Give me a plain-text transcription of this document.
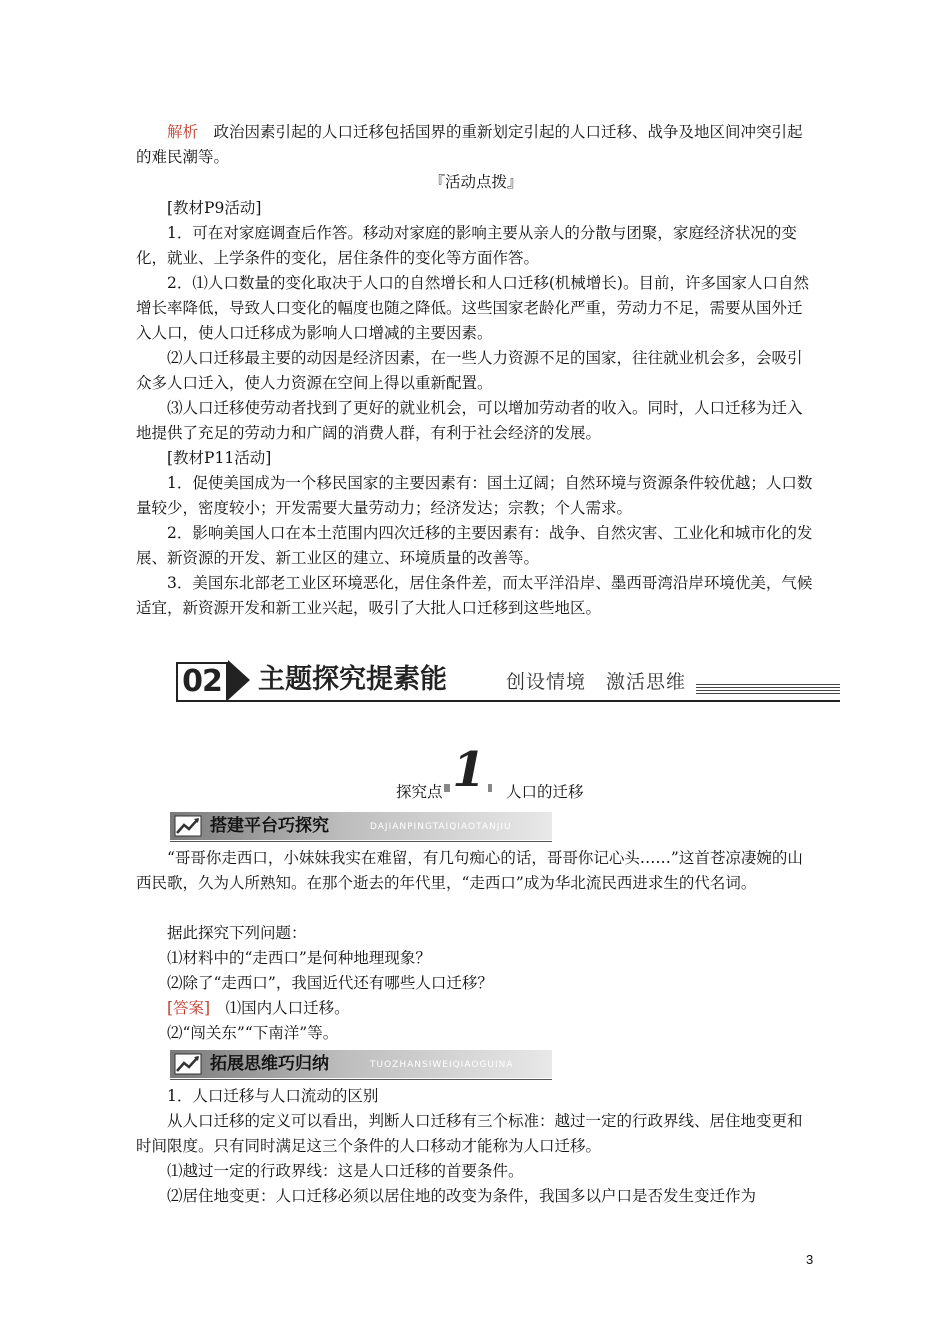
解析　政治因素引起的人口迁移包括国界的重新划定引起的人口迁移、战争及地区间冲突引起的难民潮等。

『活动点拨』

[教材P9活动]

1．可在对家庭调查后作答。移动对家庭的影响主要从亲人的分散与团聚，家庭经济状况的变化，就业、上学条件的变化，居住条件的变化等方面作答。

2．⑴人口数量的变化取决于人口的自然增长和人口迁移(机械增长)。目前，许多国家人口自然增长率降低，导致人口变化的幅度也随之降低。这些国家老龄化严重，劳动力不足，需要从国外迁入人口，使人口迁移成为影响人口增减的主要因素。

⑵人口迁移最主要的动因是经济因素，在一些人力资源不足的国家，往往就业机会多，会吸引众多人口迁入，使人力资源在空间上得以重新配置。

⑶人口迁移使劳动者找到了更好的就业机会，可以增加劳动者的收入。同时，人口迁移为迁入地提供了充足的劳动力和广阔的消费人群，有利于社会经济的发展。

[教材P11活动]

1．促使美国成为一个移民国家的主要因素有：国土辽阔；自然环境与资源条件较优越；人口数量较少，密度较小；开发需要大量劳动力；经济发达；宗教；个人需求。

2．影响美国人口在本土范围内四次迁移的主要因素有：战争、自然灾害、工业化和城市化的发展、新资源的开发、新工业区的建立、环境质量的改善等。

3．美国东北部老工业区环境恶化，居住条件差，而太平洋沿岸、墨西哥湾沿岸环境优美，气候适宜，新资源开发和新工业兴起，吸引了大批人口迁移到这些地区。

02 主题探究提素能	创设情境　激活思维
探究点 1 人口的迁移
搭建平台巧探究	DAJIANPINGTAIQIAOTANJIU

“哥哥你走西口，小妹妹我实在难留，有几句痴心的话，哥哥你记心头……”这首苍凉凄婉的山西民歌，久为人所熟知。在那个逝去的年代里，“走西口”成为华北流民西进求生的代名词。

据此探究下列问题：

⑴材料中的“走西口”是何种地理现象？

⑵除了“走西口”，我国近代还有哪些人口迁移？

[答案]　⑴国内人口迁移。

⑵“闯关东”“下南洋”等。

拓展思维巧归纳	TUOZHANSIWEIQIAOGUINA

1．人口迁移与人口流动的区别

从人口迁移的定义可以看出，判断人口迁移有三个标准：越过一定的行政界线、居住地变更和时间限度。只有同时满足这三个条件的人口移动才能称为人口迁移。

⑴越过一定的行政界线：这是人口迁移的首要条件。

⑵居住地变更：人口迁移必须以居住地的改变为条件，我国多以户口是否发生变迁作为

3
